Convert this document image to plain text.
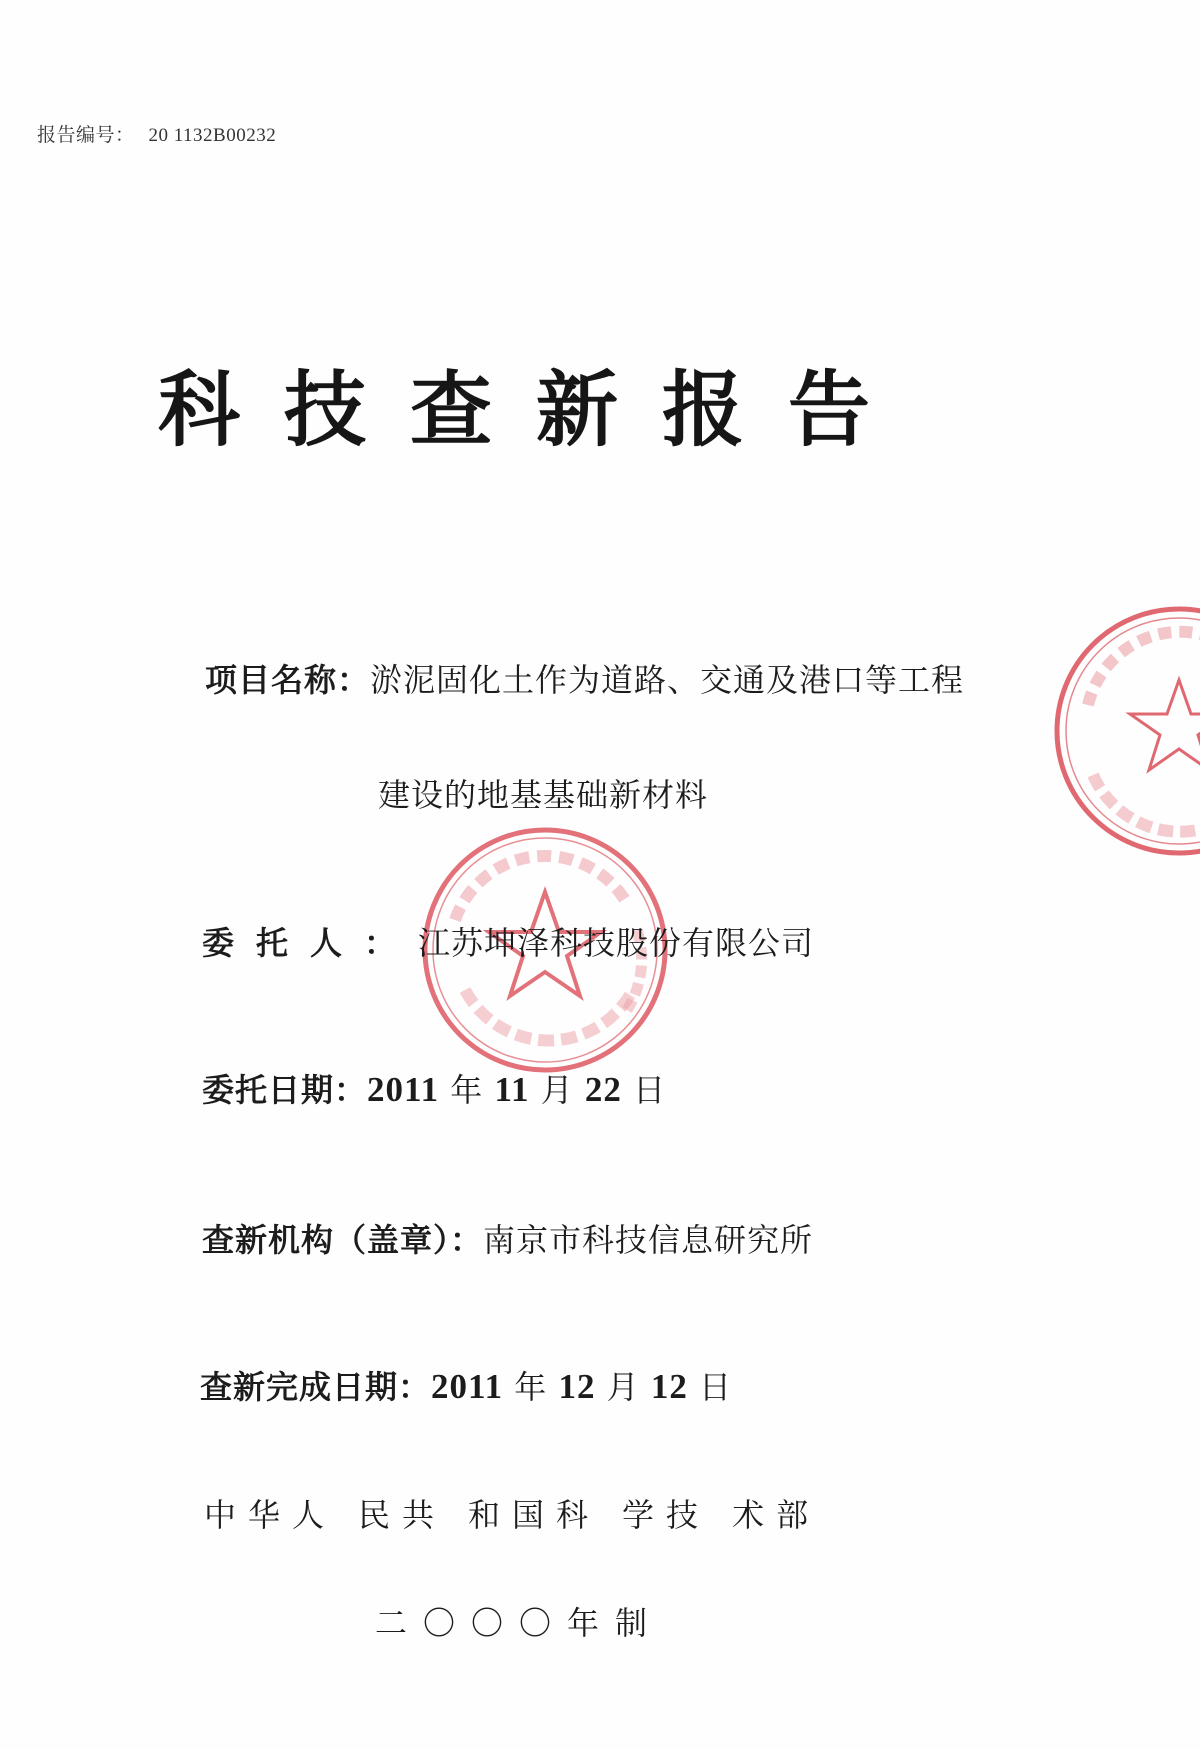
报告编号： 20 1132B00232
科技查新报告
项目名称：淤泥固化土作为道路、交通及港口等工程
建设的地基基础新材料
委托人：江苏坤泽科技股份有限公司
委托日期：2011 年 11 月 22 日
查新机构（盖章）：南京市科技信息研究所
查新完成日期：2011 年 12 月 12 日
中华人 民共 和国科 学技 术部
二〇〇〇年制
